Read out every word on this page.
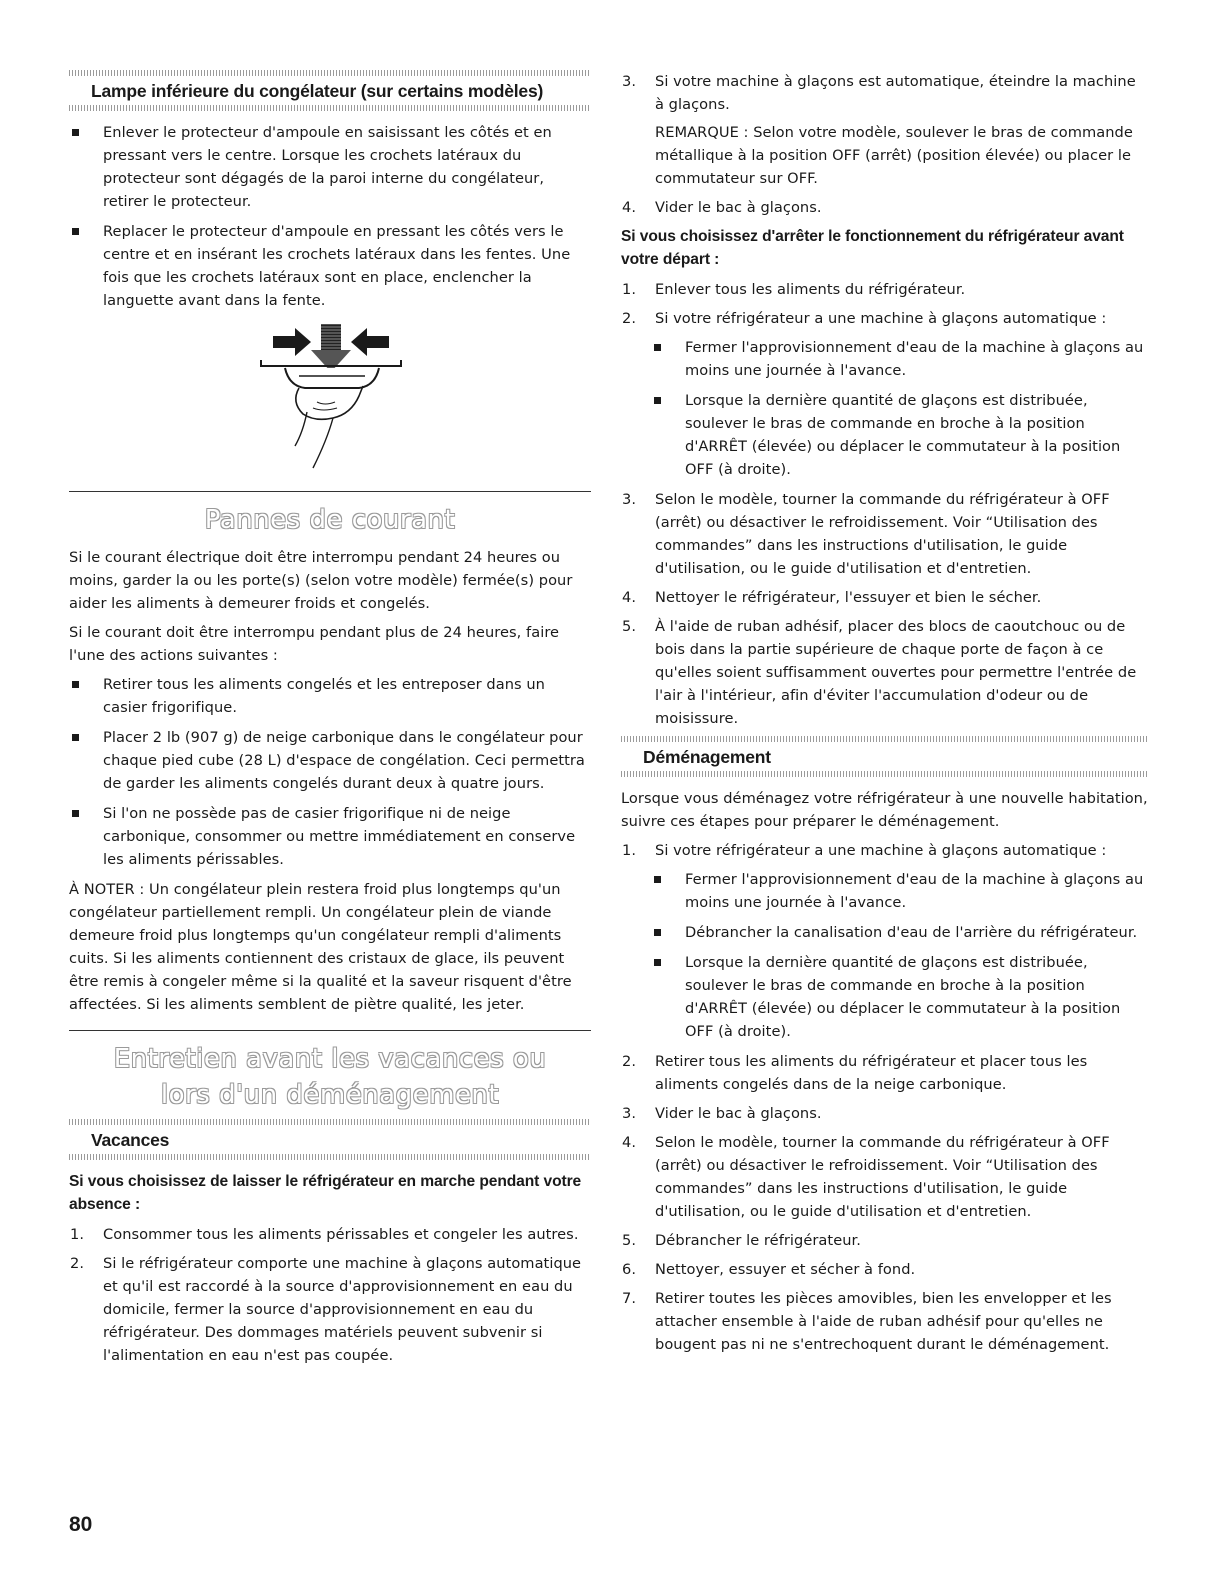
Lampe inférieure du congélateur (sur certains modèles)
Enlever le protecteur d'ampoule en saisissant les côtés et en pressant vers le centre. Lorsque les crochets latéraux du protecteur sont dégagés de la paroi interne du congélateur, retirer le protecteur.
Replacer le protecteur d'ampoule en pressant les côtés vers le centre et en insérant les crochets latéraux dans les fentes. Une fois que les crochets latéraux sont en place, enclencher la languette avant dans la fente.
Pannes de courant

Si le courant électrique doit être interrompu pendant 24 heures ou moins, garder la ou les porte(s) (selon votre modèle) fermée(s) pour aider les aliments à demeurer froids et congelés.

Si le courant doit être interrompu pendant plus de 24 heures, faire l'une des actions suivantes :

Retirer tous les aliments congelés et les entreposer dans un casier frigorifique.
Placer 2 lb (907 g) de neige carbonique dans le congélateur pour chaque pied cube (28 L) d'espace de congélation. Ceci permettra de garder les aliments congelés durant deux à quatre jours.
Si l'on ne possède pas de casier frigorifique ni de neige carbonique, consommer ou mettre immédiatement en conserve les aliments périssables.

À NOTER : Un congélateur plein restera froid plus longtemps qu'un congélateur partiellement rempli. Un congélateur plein de viande demeure froid plus longtemps qu'un congélateur rempli d'aliments cuits. Si les aliments contiennent des cristaux de glace, ils peuvent être remis à congeler même si la qualité et la saveur risquent d'être affectées. Si les aliments semblent de piètre qualité, les jeter.

Entretien avant les vacances ou
lors d'un déménagement
Vacances
Si vous choisissez de laisser le réfrigérateur en marche pendant votre absence :
1. Consommer tous les aliments périssables et congeler les autres.
2. Si le réfrigérateur comporte une machine à glaçons automatique et qu'il est raccordé à la source d'approvisionnement en eau du domicile, fermer la source d'approvisionnement en eau du réfrigérateur. Des dommages matériels peuvent subvenir si l'alimentation en eau n'est pas coupée.
3. Si votre machine à glaçons est automatique, éteindre la machine à glaçons.
REMARQUE : Selon votre modèle, soulever le bras de commande métallique à la position OFF (arrêt) (position élevée) ou placer le commutateur sur OFF.
4. Vider le bac à glaçons.
Si vous choisissez d'arrêter le fonctionnement du réfrigérateur avant votre départ :
1. Enlever tous les aliments du réfrigérateur.
2. Si votre réfrigérateur a une machine à glaçons automatique :
Fermer l'approvisionnement d'eau de la machine à glaçons au moins une journée à l'avance.
Lorsque la dernière quantité de glaçons est distribuée, soulever le bras de commande en broche à la position d'ARRÊT (élevée) ou déplacer le commutateur à la position OFF (à droite).
3. Selon le modèle, tourner la commande du réfrigérateur à OFF (arrêt) ou désactiver le refroidissement. Voir “Utilisation des commandes” dans les instructions d'utilisation, le guide d'utilisation, ou le guide d'utilisation et d'entretien.
4. Nettoyer le réfrigérateur, l'essuyer et bien le sécher.
5. À l'aide de ruban adhésif, placer des blocs de caoutchouc ou de bois dans la partie supérieure de chaque porte de façon à ce qu'elles soient suffisamment ouvertes pour permettre l'entrée de l'air à l'intérieur, afin d'éviter l'accumulation d'odeur ou de moisissure.
Déménagement

Lorsque vous déménagez votre réfrigérateur à une nouvelle habitation, suivre ces étapes pour préparer le déménagement.

1. Si votre réfrigérateur a une machine à glaçons automatique :
Fermer l'approvisionnement d'eau de la machine à glaçons au moins une journée à l'avance.
Débrancher la canalisation d'eau de l'arrière du réfrigérateur.
Lorsque la dernière quantité de glaçons est distribuée, soulever le bras de commande en broche à la position d'ARRÊT (élevée) ou déplacer le commutateur à la position OFF (à droite).
2. Retirer tous les aliments du réfrigérateur et placer tous les aliments congelés dans de la neige carbonique.
3. Vider le bac à glaçons.
4. Selon le modèle, tourner la commande du réfrigérateur à OFF (arrêt) ou désactiver le refroidissement. Voir “Utilisation des commandes” dans les instructions d'utilisation, le guide d'utilisation, ou le guide d'utilisation et d'entretien.
5. Débrancher le réfrigérateur.
6. Nettoyer, essuyer et sécher à fond.
7. Retirer toutes les pièces amovibles, bien les envelopper et les attacher ensemble à l'aide de ruban adhésif pour qu'elles ne bougent pas ni ne s'entrechoquent durant le déménagement.
80
